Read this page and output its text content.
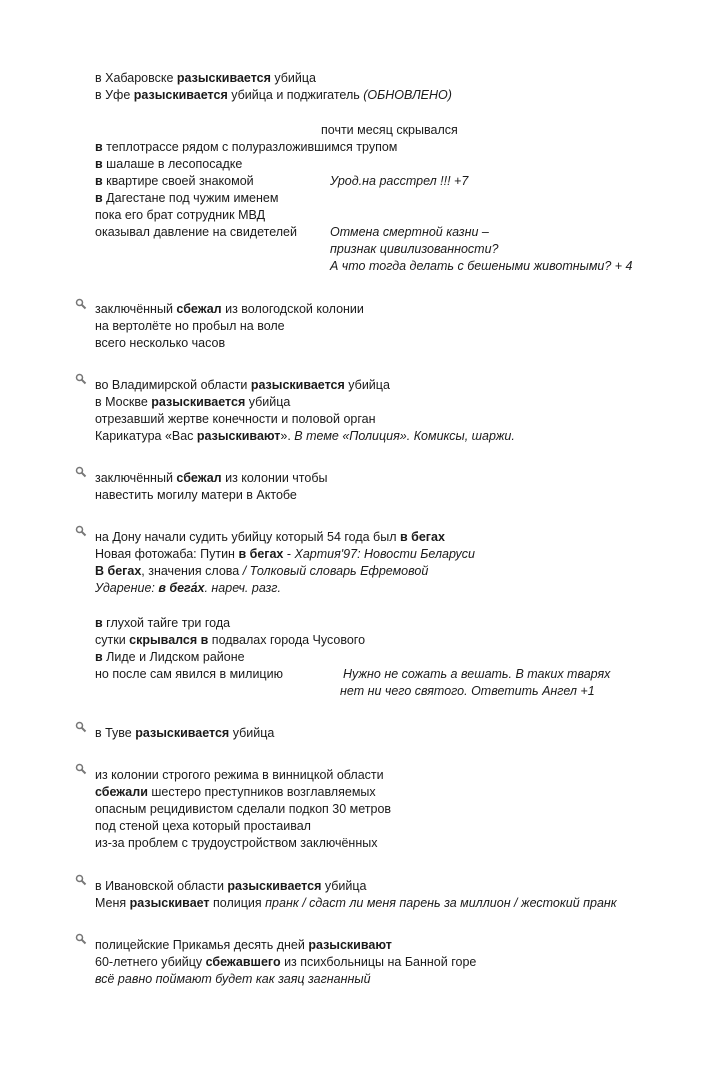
в Хабаровске разыскивается убийца
в Уфе разыскивается убийца и поджигатель (ОБНОВЛЕНО)
почти месяц скрывался
в теплотрассе рядом с полуразложившимся трупом
в шалаше в лесопосадке
в квартире своей знакомой
в Дагестане под чужим именем
пока его брат сотрудник МВД
оказывал давление на свидетелей
Урод.на расстрел !!! +7
Отмена смертной казни –
признак цивилизованности?
А что тогда делать с бешеными животными? + 4
заключённый сбежал из вологодской колонии
на вертолёте но пробыл на воле
всего несколько часов
во Владимирской области разыскивается убийца
в Москве разыскивается убийца
отрезавший жертве конечности и половой орган
Карикатура «Вас разыскивают». В теме «Полиция». Комиксы, шаржи.
заключённый сбежал из колонии чтобы
навестить могилу матери в Актобе
на Дону начали судить убийцу который 54 года был в бегах
Новая фотожаба: Путин в бегах - Хартия'97: Новости Беларуси
В бегах, значения слова / Толковый словарь Ефремовой
Ударение: в бега́х. нареч. разг.
в глухой тайге три года
сутки скрывался в подвалах города Чусового
в Лиде и Лидском районе
но после сам явился в милицию	Нужно не сожать а вешать. В таких тварях
нет ни чего святого. Ответить Ангел +1
в Туве разыскивается убийца
из колонии строгого режима в винницкой области
сбежали шестеро преступников возглавляемых
опасным рецидивистом сделали подкоп 30 метров
под стеной цеха который простаивал
из-за проблем с трудоустройством заключённых
в Ивановской области разыскивается убийца
Меня разыскивает полиция пранк / сдаст ли меня парень за миллион / жестокий пранк
полицейские Прикамья десять дней разыскивают
60-летнего убийцу сбежавшего из психбольницы на Банной горе
всё равно поймают будет как заяц загнанный
